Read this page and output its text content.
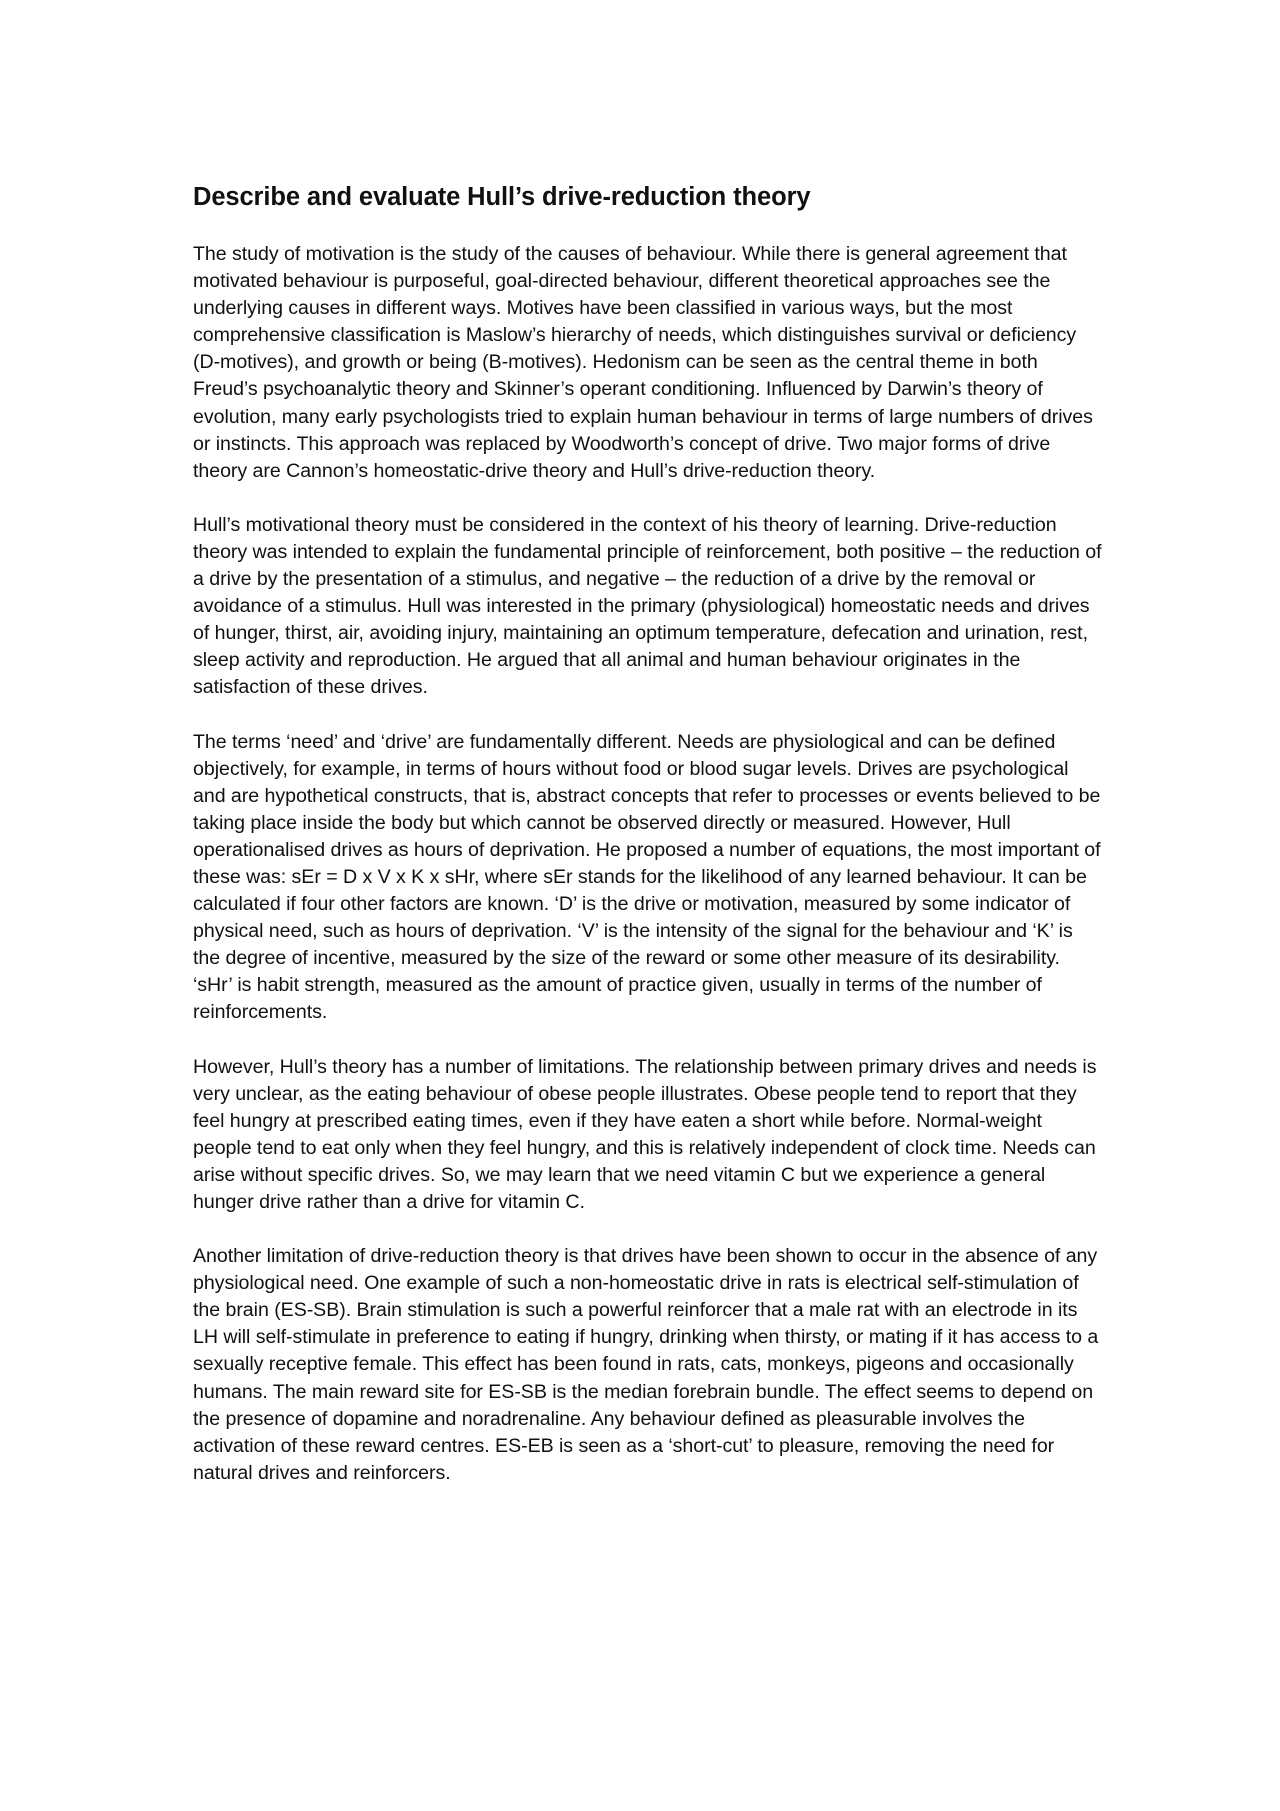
Describe and evaluate Hull’s drive-reduction theory

The study of motivation is the study of the causes of behaviour. While there is general agreement that motivated behaviour is purposeful, goal-directed behaviour, different theoretical approaches see the underlying causes in different ways. Motives have been classified in various ways, but the most comprehensive classification is Maslow’s hierarchy of needs, which distinguishes survival or deficiency (D-motives), and growth or being (B-motives). Hedonism can be seen as the central theme in both Freud’s psychoanalytic theory and Skinner’s operant conditioning. Influenced by Darwin’s theory of evolution, many early psychologists tried to explain human behaviour in terms of large numbers of drives or instincts. This approach was replaced by Woodworth’s concept of drive. Two major forms of drive theory are Cannon’s homeostatic-drive theory and Hull’s drive-reduction theory.

Hull’s motivational theory must be considered in the context of his theory of learning. Drive-reduction theory was intended to explain the fundamental principle of reinforcement, both positive – the reduction of a drive by the presentation of a stimulus, and negative – the reduction of a drive by the removal or avoidance of a stimulus. Hull was interested in the primary (physiological) homeostatic needs and drives of hunger, thirst, air, avoiding injury, maintaining an optimum temperature, defecation and urination, rest, sleep activity and reproduction. He argued that all animal and human behaviour originates in the satisfaction of these drives.

The terms ‘need’ and ‘drive’ are fundamentally different. Needs are physiological and can be defined objectively, for example, in terms of hours without food or blood sugar levels. Drives are psychological and are hypothetical constructs, that is, abstract concepts that refer to processes or events believed to be taking place inside the body but which cannot be observed directly or measured. However, Hull operationalised drives as hours of deprivation. He proposed a number of equations, the most important of these was: sEr = D x V x K x sHr, where sEr stands for the likelihood of any learned behaviour. It can be calculated if four other factors are known. ‘D’ is the drive or motivation, measured by some indicator of physical need, such as hours of deprivation. ‘V’ is the intensity of the signal for the behaviour and ‘K’ is the degree of incentive, measured by the size of the reward or some other measure of its desirability. ‘sHr’ is habit strength, measured as the amount of practice given, usually in terms of the number of reinforcements.

However, Hull’s theory has a number of limitations. The relationship between primary drives and needs is very unclear, as the eating behaviour of obese people illustrates. Obese people tend to report that they feel hungry at prescribed eating times, even if they have eaten a short while before. Normal-weight people tend to eat only when they feel hungry, and this is relatively independent of clock time. Needs can arise without specific drives. So, we may learn that we need vitamin C but we experience a general hunger drive rather than a drive for vitamin C.

Another limitation of drive-reduction theory is that drives have been shown to occur in the absence of any physiological need. One example of such a non-homeostatic drive in rats is electrical self-stimulation of the brain (ES-SB). Brain stimulation is such a powerful reinforcer that a male rat with an electrode in its LH will self-stimulate in preference to eating if hungry, drinking when thirsty, or mating if it has access to a sexually receptive female. This effect has been found in rats, cats, monkeys, pigeons and occasionally humans. The main reward site for ES-SB is the median forebrain bundle. The effect seems to depend on the presence of dopamine and noradrenaline. Any behaviour defined as pleasurable involves the activation of these reward centres. ES-EB is seen as a ‘short-cut’ to pleasure, removing the need for natural drives and reinforcers.
